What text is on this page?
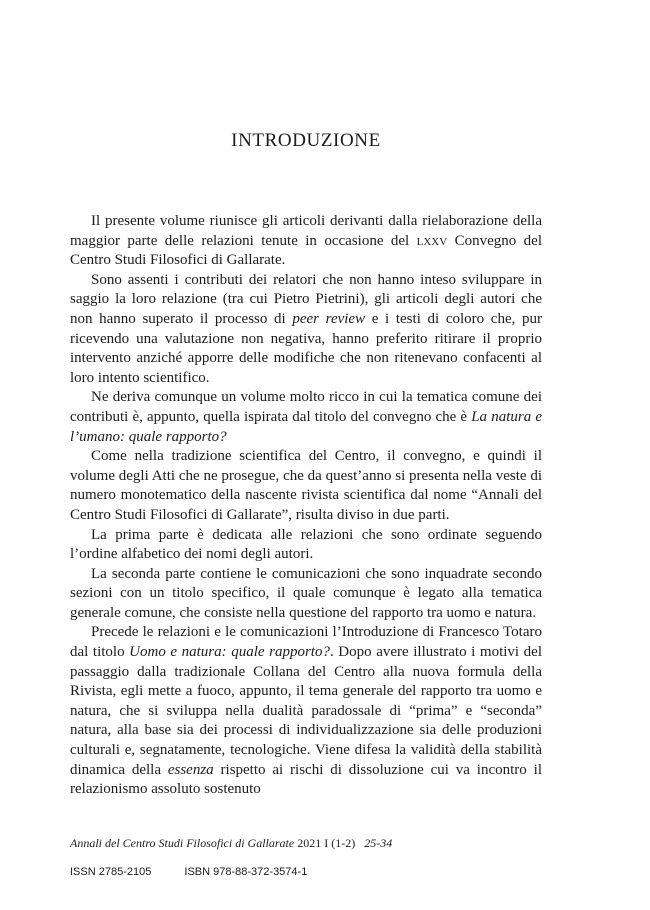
INTRODUZIONE

Il presente volume riunisce gli articoli derivanti dalla rielaborazione della maggior parte delle relazioni tenute in occasione del lxxv Convegno del Centro Studi Filosofici di Gallarate.

Sono assenti i contributi dei relatori che non hanno inteso sviluppare in saggio la loro relazione (tra cui Pietro Pietrini), gli articoli degli autori che non hanno superato il processo di peer review e i testi di coloro che, pur ricevendo una valutazione non negativa, hanno preferito ritirare il proprio intervento anziché apporre delle modifiche che non ritenevano confacenti al loro intento scientifico.

Ne deriva comunque un volume molto ricco in cui la tematica comune dei contributi è, appunto, quella ispirata dal titolo del convegno che è La natura e l’umano: quale rapporto?

Come nella tradizione scientifica del Centro, il convegno, e quindi il volume degli Atti che ne prosegue, che da quest’anno si presenta nella veste di numero monotematico della nascente rivista scientifica dal nome “Annali del Centro Studi Filosofici di Gallarate”, risulta diviso in due parti.

La prima parte è dedicata alle relazioni che sono ordinate seguendo l’ordine alfabetico dei nomi degli autori.

La seconda parte contiene le comunicazioni che sono inquadrate secondo sezioni con un titolo specifico, il quale comunque è legato alla tematica generale comune, che consiste nella questione del rapporto tra uomo e natura.

Precede le relazioni e le comunicazioni l’Introduzione di Francesco Totaro dal titolo Uomo e natura: quale rapporto?. Dopo avere illustrato i motivi del passaggio dalla tradizionale Collana del Centro alla nuova formula della Rivista, egli mette a fuoco, appunto, il tema generale del rapporto tra uomo e natura, che si sviluppa nella dualità paradossale di “prima” e “seconda” natura, alla base sia dei processi di individualizzazione sia delle produzioni culturali e, segnatamente, tecnologiche. Viene difesa la validità della stabilità dinamica della essenza rispetto ai rischi di dissoluzione cui va incontro il relazionismo assoluto sostenuto

Annali del Centro Studi Filosofici di Gallarate 2021 I (1-2) 25-34
ISSN 2785-2105	ISBN 978-88-372-3574-1
